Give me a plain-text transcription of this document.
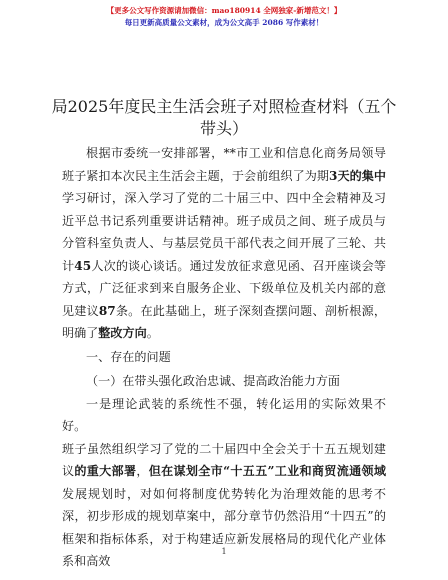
【更多公文写作资源请加微信：mao180914 全网独家-新增范文！】
每日更新高质量公文素材，成为公文高手 2086 写作素材！
局2025年度民主生活会班子对照检查材料（五个带头）

根据市委统一安排部署，**市工业和信息化商务局领导班子紧扣本次民主生活会主题，于会前组织了为期3天的集中学习研讨，深入学习了党的二十届三中、四中全会精神及习近平总书记系列重要讲话精神。班子成员之间、班子成员与分管科室负责人、与基层党员干部代表之间开展了三轮、共计45人次的谈心谈话。通过发放征求意见函、召开座谈会等方式，广泛征求到来自服务企业、下级单位及机关内部的意见建议87条。在此基础上，班子深刻查摆问题、剖析根源，明确了整改方向。

一、存在的问题

（一）在带头强化政治忠诚、提高政治能力方面

一是理论武装的系统性不强，转化运用的实际效果不好。

班子虽然组织学习了党的二十届四中全会关于十五五规划建议的重大部署，但在谋划全市“十五五”工业和商贸流通领域发展规划时，对如何将制度优势转化为治理效能的思考不深，初步形成的规划草案中，部分章节仍然沿用“十四五”的框架和指标体系，对于构建适应新发展格局的现代化产业体系和高效

1
